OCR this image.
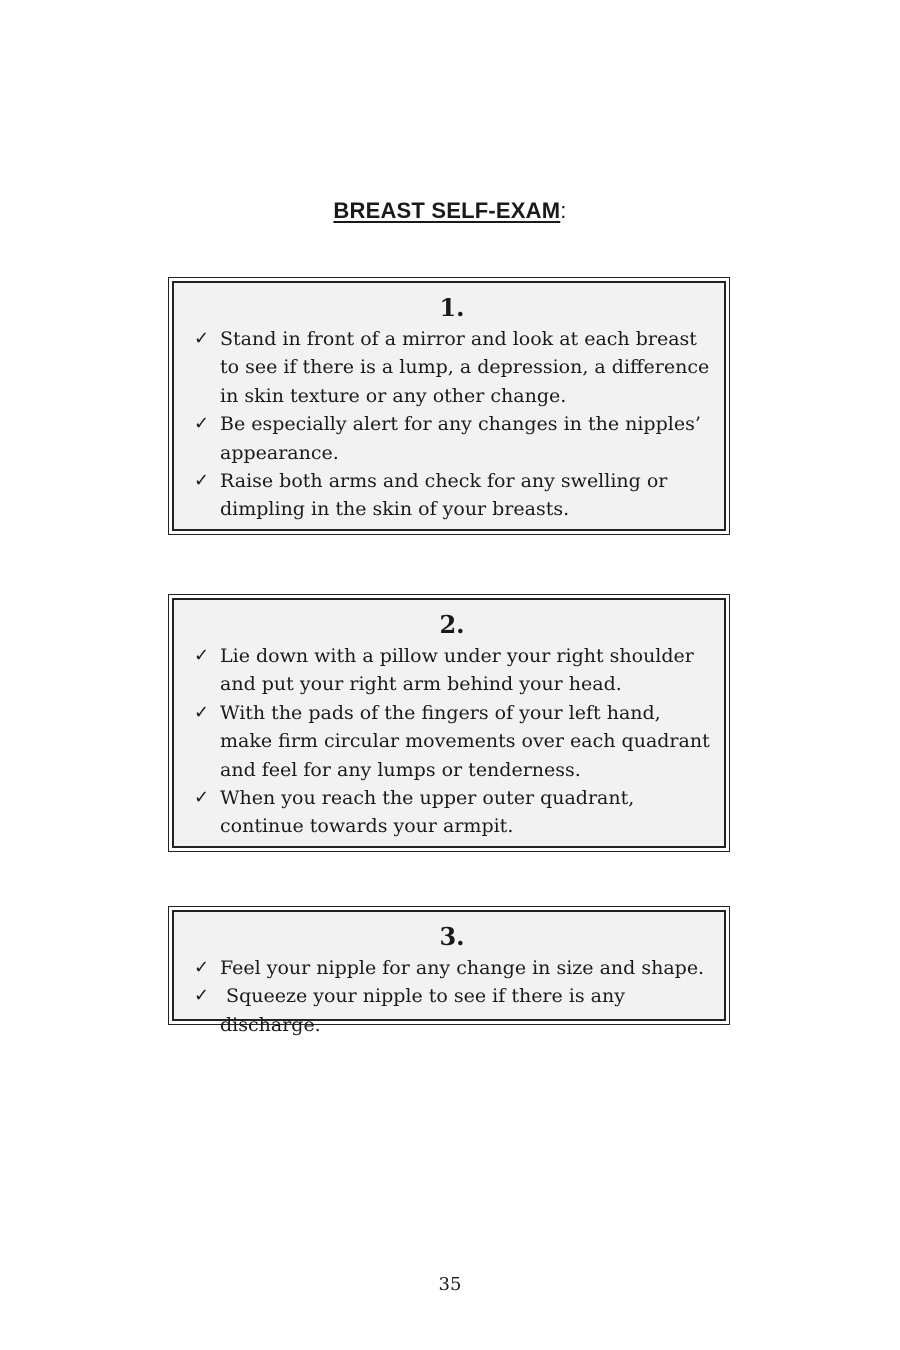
BREAST SELF-EXAM:
1.
✓ Stand in front of a mirror and look at each breast to see if there is a lump, a depression, a difference in skin texture or any other change.
✓ Be especially alert for any changes in the nipples’ appearance.
✓ Raise both arms and check for any swelling or dimpling in the skin of your breasts.
2.
✓ Lie down with a pillow under your right shoulder and put your right arm behind your head.
✓ With the pads of the fingers of your left hand, make firm circular movements over each quadrant and feel for any lumps or tenderness.
✓ When you reach the upper outer quadrant, continue towards your armpit.
3.
✓ Feel your nipple for any change in size and shape.
✓ Squeeze your nipple to see if there is any discharge.
35
